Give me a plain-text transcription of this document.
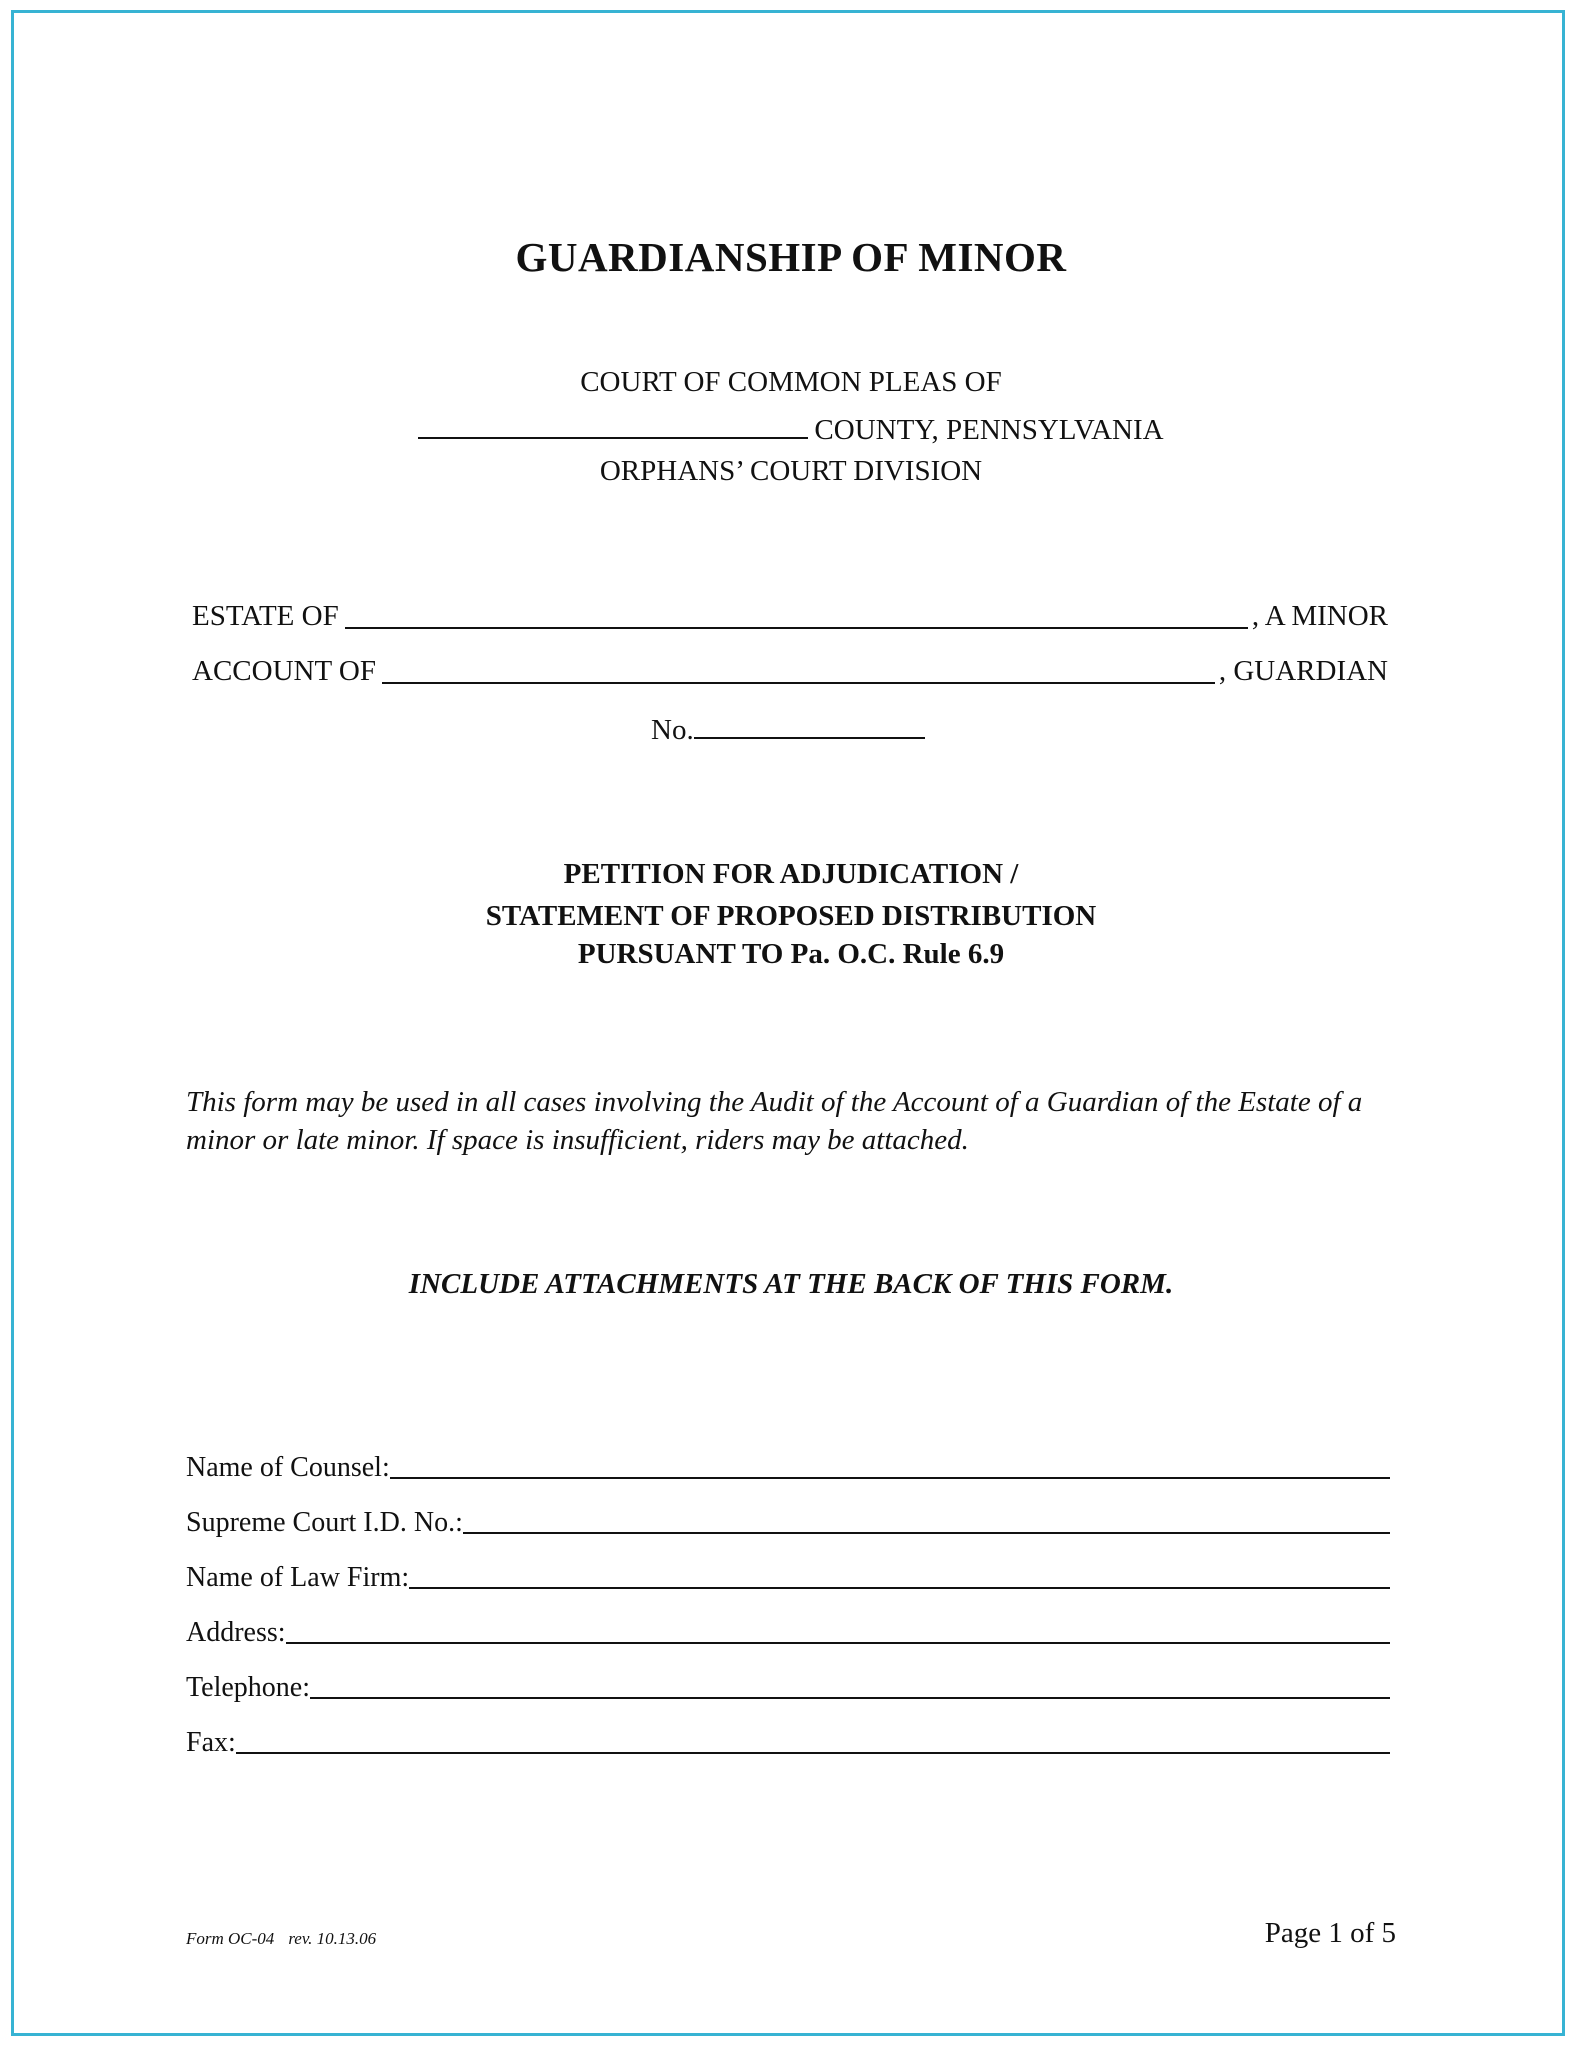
GUARDIANSHIP OF MINOR
COURT OF COMMON PLEAS OF
COUNTY, PENNSYLVANIA
ORPHANS’ COURT DIVISION
ESTATE OF	, A MINOR
ACCOUNT OF	, GUARDIAN
No.
PETITION FOR ADJUDICATION /
STATEMENT OF PROPOSED DISTRIBUTION
PURSUANT TO Pa. O.C. Rule 6.9
This form may be used in all cases involving the Audit of the Account of a Guardian of the Estate of a minor or late minor. If space is insufficient, riders may be attached.
INCLUDE ATTACHMENTS AT THE BACK OF THIS FORM.
Name of Counsel:
Supreme Court I.D. No.:
Name of Law Firm:
Address:
Telephone:
Fax:
Form OC-04 rev. 10.13.06	Page 1 of 5
